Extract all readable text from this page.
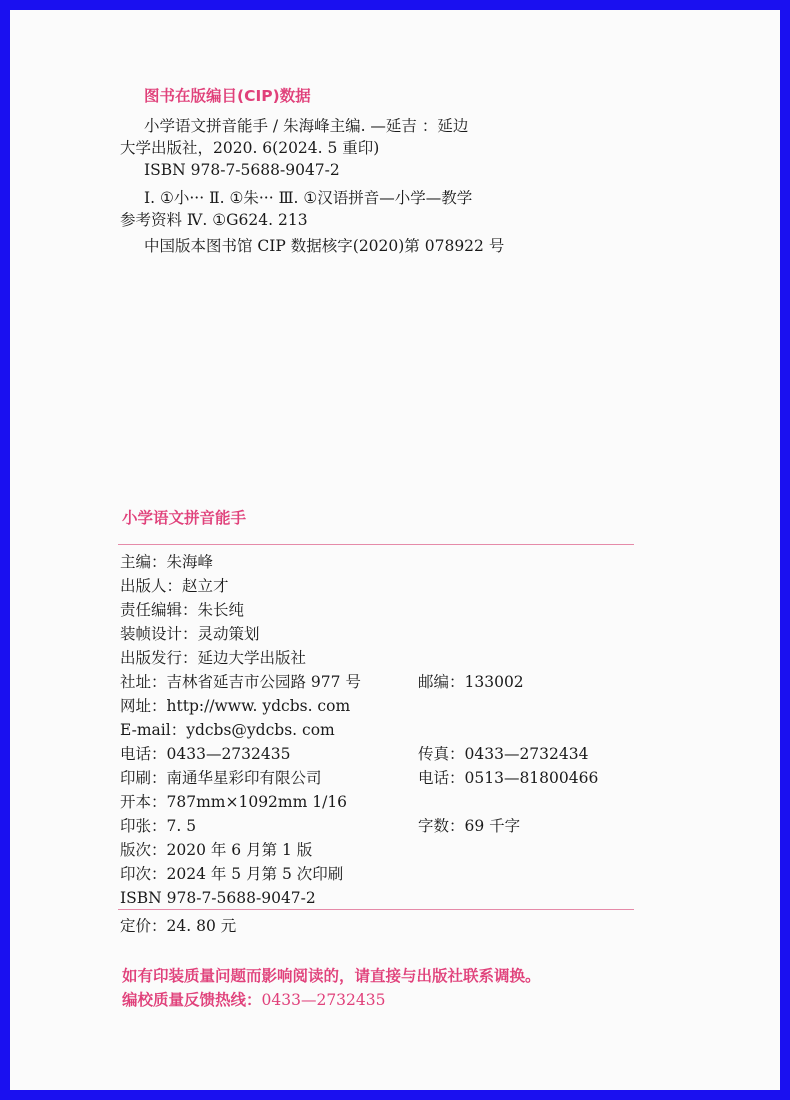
图书在版编目(CIP)数据
小学语文拼音能手 / 朱海峰主编. —延吉 ：延边
大学出版社，2020. 6(2024. 5 重印)
ISBN 978-7-5688-9047-2
Ⅰ. ①小··· Ⅱ. ①朱··· Ⅲ. ①汉语拼音—小学—教学
参考资料 Ⅳ. ①G624. 213
中国版本图书馆 CIP 数据核字(2020)第 078922 号
小学语文拼音能手
主编：朱海峰
出版人：赵立才
责任编辑：朱长纯
装帧设计：灵动策划
出版发行：延边大学出版社
社址：吉林省延吉市公园路 977 号	邮编：133002
网址：http://www. ydcbs. com
E-mail：ydcbs@ydcbs. com
电话：0433—2732435	传真：0433—2732434
印刷：南通华星彩印有限公司	电话：0513—81800466
开本：787mm×1092mm 1/16
印张：7. 5	字数：69 千字
版次：2020 年 6 月第 1 版
印次：2024 年 5 月第 5 次印刷
ISBN 978-7-5688-9047-2
定价：24. 80 元
如有印装质量问题而影响阅读的，请直接与出版社联系调换。
编校质量反馈热线：0433—2732435
